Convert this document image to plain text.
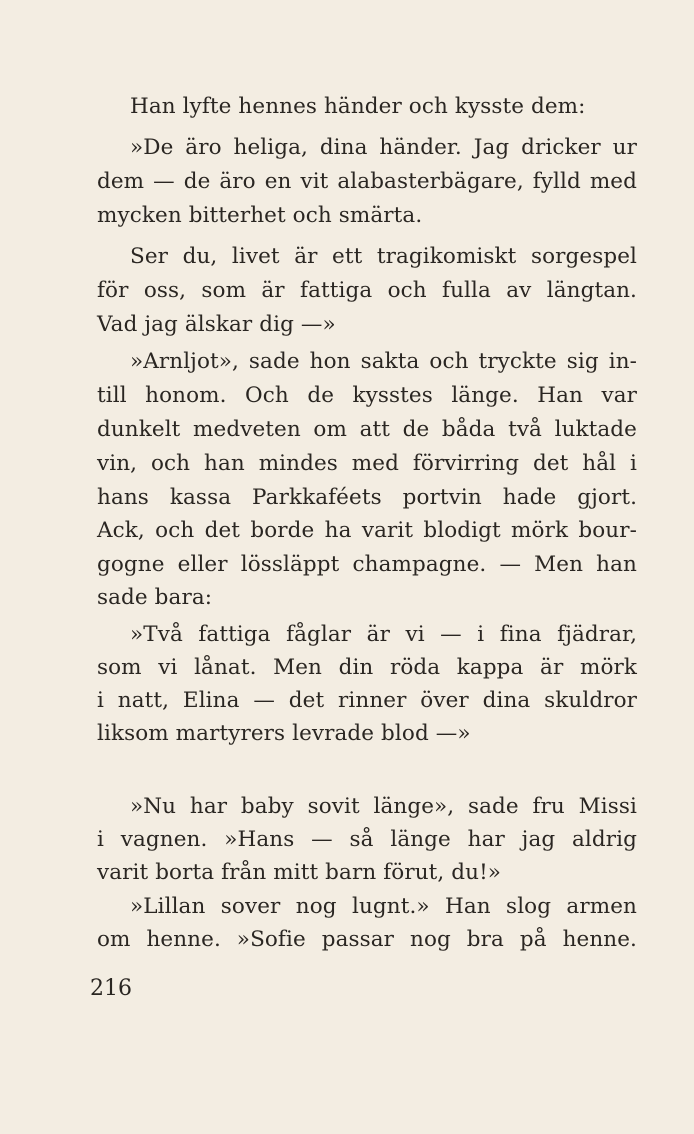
Han lyfte hennes händer och kysste dem:
»De äro heliga, dina händer. Jag dricker ur
dem — de äro en vit alabasterbägare, fylld med
mycken bitterhet och smärta.
Ser du, livet är ett tragikomiskt sorgespel
för oss, som är fattiga och fulla av längtan.
Vad jag älskar dig —»
»Arnljot», sade hon sakta och tryckte sig in-
till honom. Och de kysstes länge. Han var
dunkelt medveten om att de båda två luktade
vin, och han mindes med förvirring det hål i
hans kassa Parkkaféets portvin hade gjort.
Ack, och det borde ha varit blodigt mörk bour-
gogne eller lössläppt champagne. — Men han
sade bara:
»Två fattiga fåglar är vi — i fina fjädrar,
som vi lånat. Men din röda kappa är mörk
i natt, Elina — det rinner över dina skuldror
liksom martyrers levrade blod —»
»Nu har baby sovit länge», sade fru Missi
i vagnen. »Hans — så länge har jag aldrig
varit borta från mitt barn förut, du!»
»Lillan sover nog lugnt.» Han slog armen
om henne. »Sofie passar nog bra på henne.
216
